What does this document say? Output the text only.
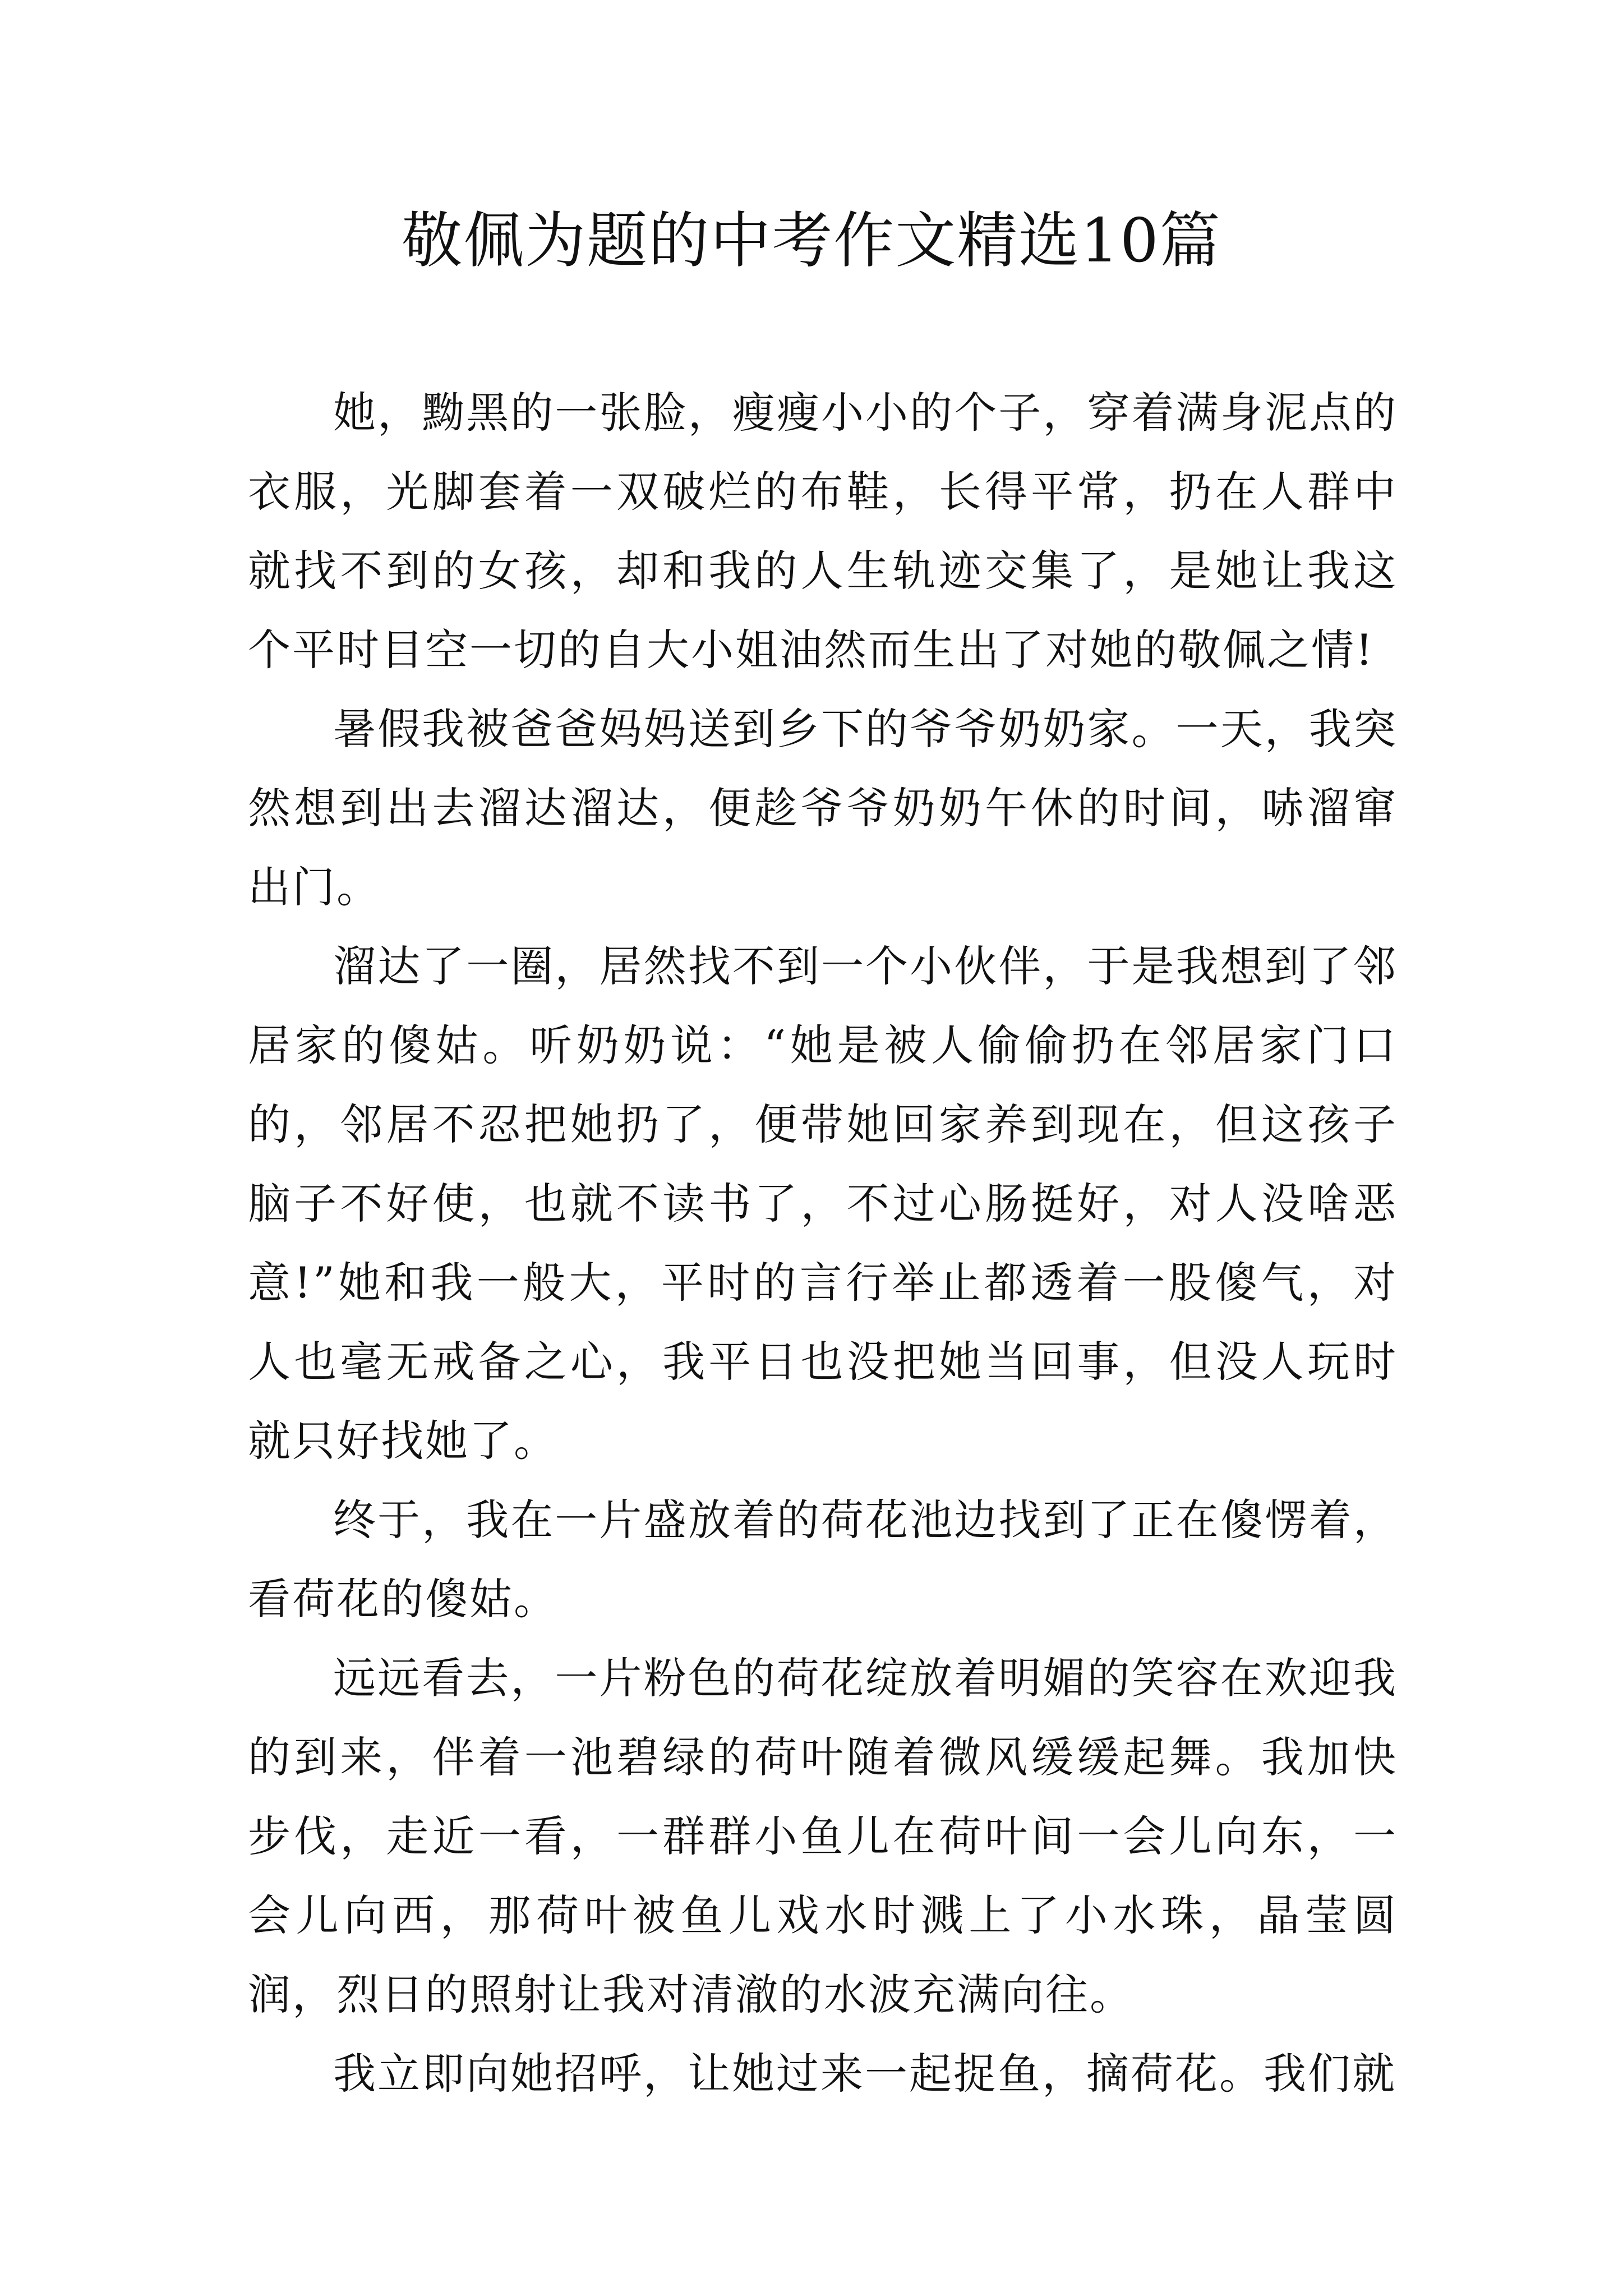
敬佩为题的中考作文精选10篇

她，黝黑的一张脸，瘦瘦小小的个子，穿着满身泥点的衣服，光脚套着一双破烂的布鞋，长得平常，扔在人群中就找不到的女孩，却和我的人生轨迹交集了，是她让我这个平时目空一切的自大小姐油然而生出了对她的敬佩之情!

暑假我被爸爸妈妈送到乡下的爷爷奶奶家。一天，我突然想到出去溜达溜达，便趁爷爷奶奶午休的时间，哧溜窜出门。

溜达了一圈，居然找不到一个小伙伴，于是我想到了邻居家的傻姑。听奶奶说：“她是被人偷偷扔在邻居家门口的，邻居不忍把她扔了，便带她回家养到现在，但这孩子脑子不好使，也就不读书了，不过心肠挺好，对人没啥恶意!”她和我一般大，平时的言行举止都透着一股傻气，对人也毫无戒备之心，我平日也没把她当回事，但没人玩时就只好找她了。

终于，我在一片盛放着的荷花池边找到了正在傻愣着，看荷花的傻姑。

远远看去，一片粉色的荷花绽放着明媚的笑容在欢迎我的到来，伴着一池碧绿的荷叶随着微风缓缓起舞。我加快步伐，走近一看，一群群小鱼儿在荷叶间一会儿向东，一会儿向西，那荷叶被鱼儿戏水时溅上了小水珠，晶莹圆润，烈日的照射让我对清澈的水波充满向往。

我立即向她招呼，让她过来一起捉鱼，摘荷花。我们就
